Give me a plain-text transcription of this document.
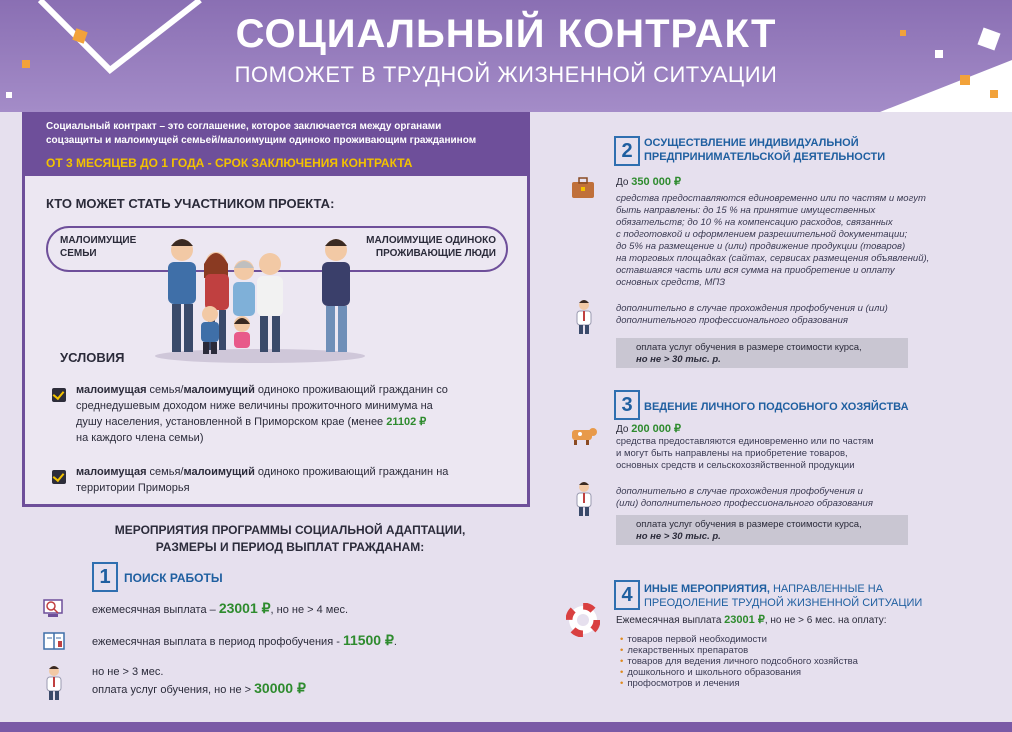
СОЦИАЛЬНЫЙ КОНТРАКТ
ПОМОЖЕТ В ТРУДНОЙ ЖИЗНЕННОЙ СИТУАЦИИ
Социальный контракт – это соглашение, которое заключается между органами
соцзащиты и малоимущей семьей/малоимущим одиноко проживающим гражданином
ОТ 3 МЕСЯЦЕВ ДО 1 ГОДА - СРОК ЗАКЛЮЧЕНИЯ КОНТРАКТА
КТО МОЖЕТ СТАТЬ УЧАСТНИКОМ ПРОЕКТА:
МАЛОИМУЩИЕ
СЕМЬИ
МАЛОИМУЩИЕ ОДИНОКО
ПРОЖИВАЮЩИЕ ЛЮДИ
УСЛОВИЯ
малоимущая семья/малоимущий одиноко проживающий гражданин со
среднедушевым доходом ниже величины прожиточного минимума на
душу населения, установленной в Приморском крае (менее 21102 ₽
на каждого члена семьи)
малоимущая семья/малоимущий одиноко проживающий гражданин на
территории Приморья
МЕРОПРИЯТИЯ ПРОГРАММЫ СОЦИАЛЬНОЙ АДАПТАЦИИ,
РАЗМЕРЫ И ПЕРИОД ВЫПЛАТ ГРАЖДАНАМ:
1	ПОИСК РАБОТЫ
ежемесячная выплата – 23001 ₽, но не > 4 мес.
ежемесячная выплата в период профобучения - 11500 ₽.
но не > 3 мес.
оплата услуг обучения, но не > 30000 ₽
2	ОСУЩЕСТВЛЕНИЕ ИНДИВИДУАЛЬНОЙ
ПРЕДПРИНИМАТЕЛЬСКОЙ ДЕЯТЕЛЬНОСТИ
До 350 000 ₽
средства предоставляются единовременно или по частям и могут
быть направлены: до 15 % на принятие имущественных
обязательств; до 10 % на компенсацию расходов, связанных
с подготовкой и оформлением разрешительной документации;
до 5% на размещение и (или) продвижение продукции (товаров)
на торговых площадках (сайтах, сервисах размещения объявлений),
оставшаяся часть или вся сумма на приобретение и оплату
основных средств, МПЗ
дополнительно в случае прохождения профобучения и (или)
дополнительного профессионального образования
оплата услуг обучения в размере стоимости курса,
но не > 30 тыс. р.
3	ВЕДЕНИЕ ЛИЧНОГО ПОДСОБНОГО ХОЗЯЙСТВА
До 200 000 ₽
средства предоставляются единовременно или по частям
и могут быть направлены на приобретение товаров,
основных средств и сельскохозяйственной продукции
дополнительно в случае прохождения профобучения и
(или) дополнительного профессионального образования
оплата услуг обучения в размере стоимости курса,
но не > 30 тыс. р.
4	ИНЫЕ МЕРОПРИЯТИЯ, НАПРАВЛЕННЫЕ НА
ПРЕОДОЛЕНИЕ ТРУДНОЙ ЖИЗНЕННОЙ СИТУАЦИИ
Ежемесячная выплата 23001 ₽, но не > 6 мес. на оплату:
• товаров первой необходимости
• лекарственных препаратов
• товаров для ведения личного подсобного хозяйства
• дошкольного и школьного образования
• профосмотров и лечения
